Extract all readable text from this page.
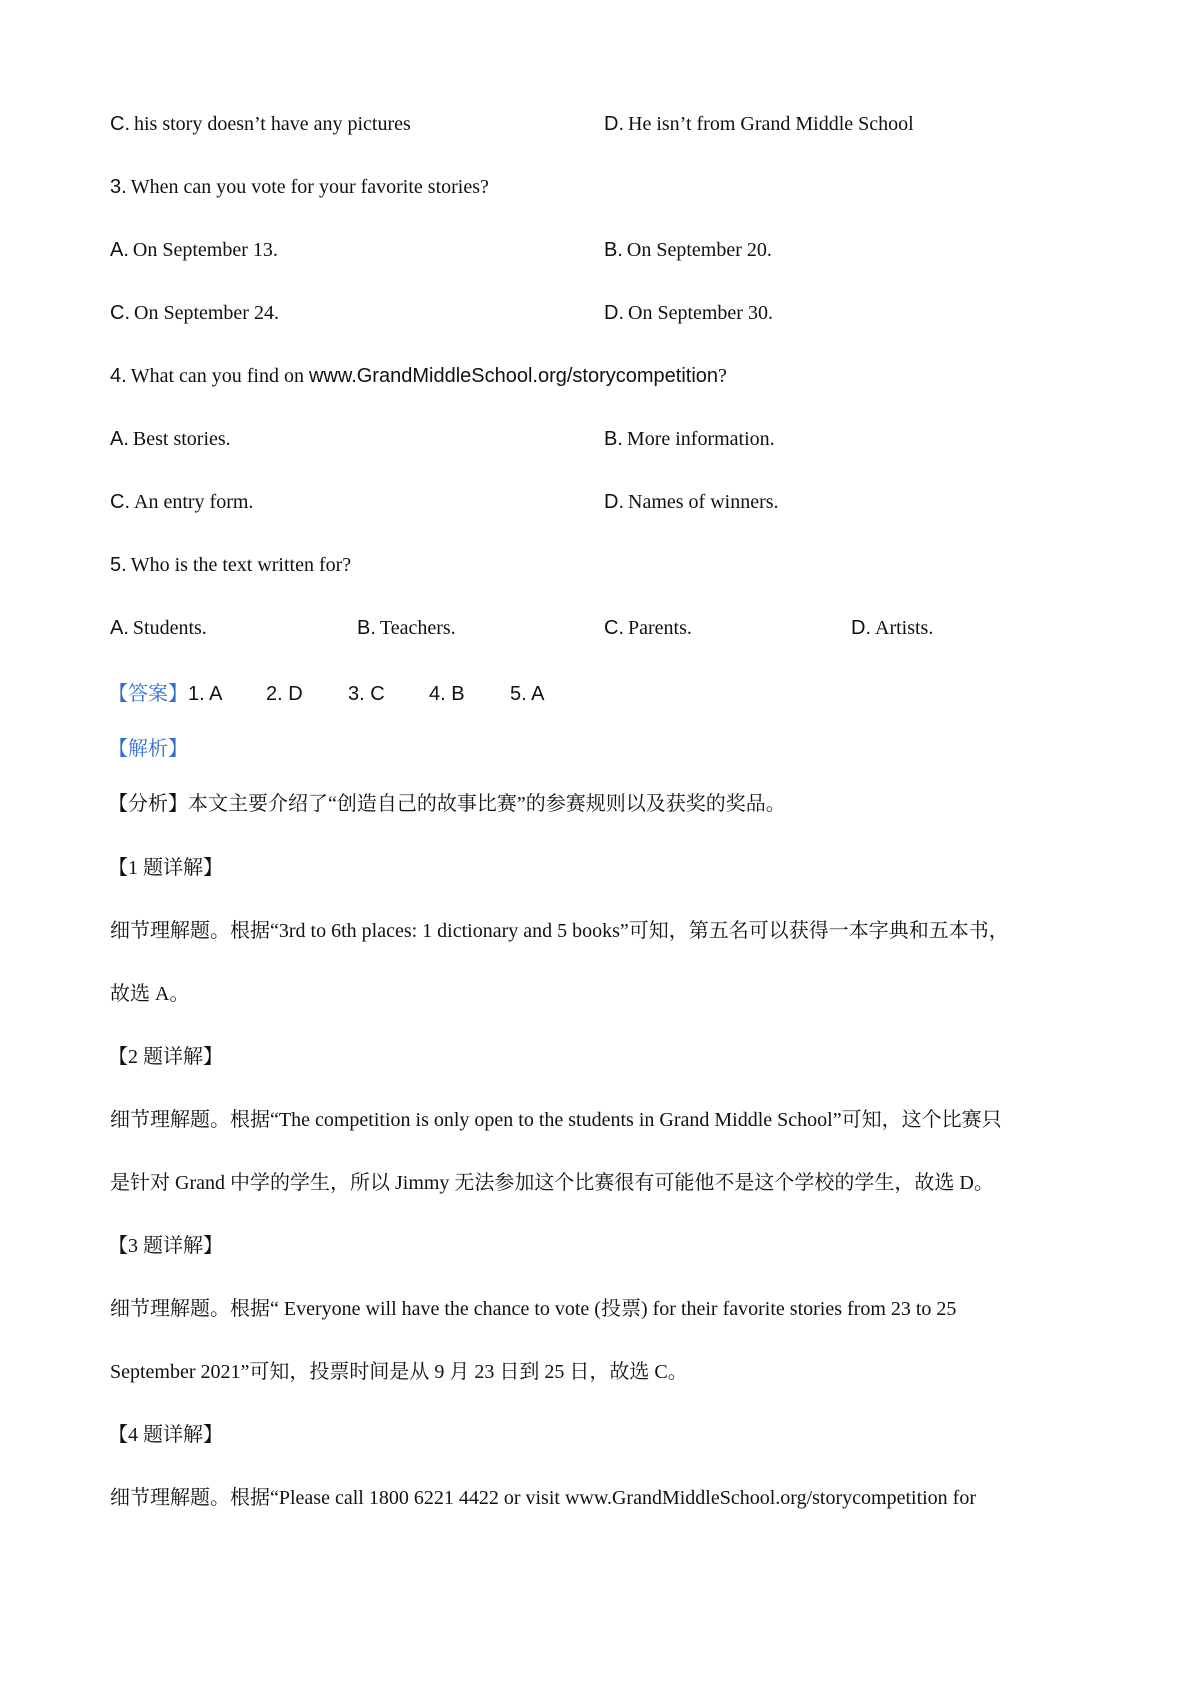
C. his story doesn’t have any pictures	D. He isn’t from Grand Middle School
3. When can you vote for your favorite stories?
A. On September 13.	B. On September 20.
C. On September 24.	D. On September 30.
4. What can you find on www.GrandMiddleSchool.org/storycompetition?
A. Best stories.	B. More information.
C. An entry form.	D. Names of winners.
5. Who is the text written for?
A. Students.	B. Teachers.	C. Parents.	D. Artists.
【答案】1. A 2. D 3. C 4. B 5. A
【解析】
【分析】本文主要介绍了“创造自己的故事比赛”的参赛规则以及获奖的奖品。
【1 题详解】
细节理解题。根据“3rd to 6th places: 1 dictionary and 5 books”可知，第五名可以获得一本字典和五本书，
故选 A。
【2 题详解】
细节理解题。根据“The competition is only open to the students in Grand Middle School”可知，这个比赛只
是针对 Grand 中学的学生，所以 Jimmy 无法参加这个比赛很有可能他不是这个学校的学生，故选 D。
【3 题详解】
细节理解题。根据“ Everyone will have the chance to vote (投票) for their favorite stories from 23 to 25
September 2021”可知，投票时间是从 9 月 23 日到 25 日，故选 C。
【4 题详解】
细节理解题。根据“Please call 1800 6221 4422 or visit www.GrandMiddleSchool.org/storycompetition for
